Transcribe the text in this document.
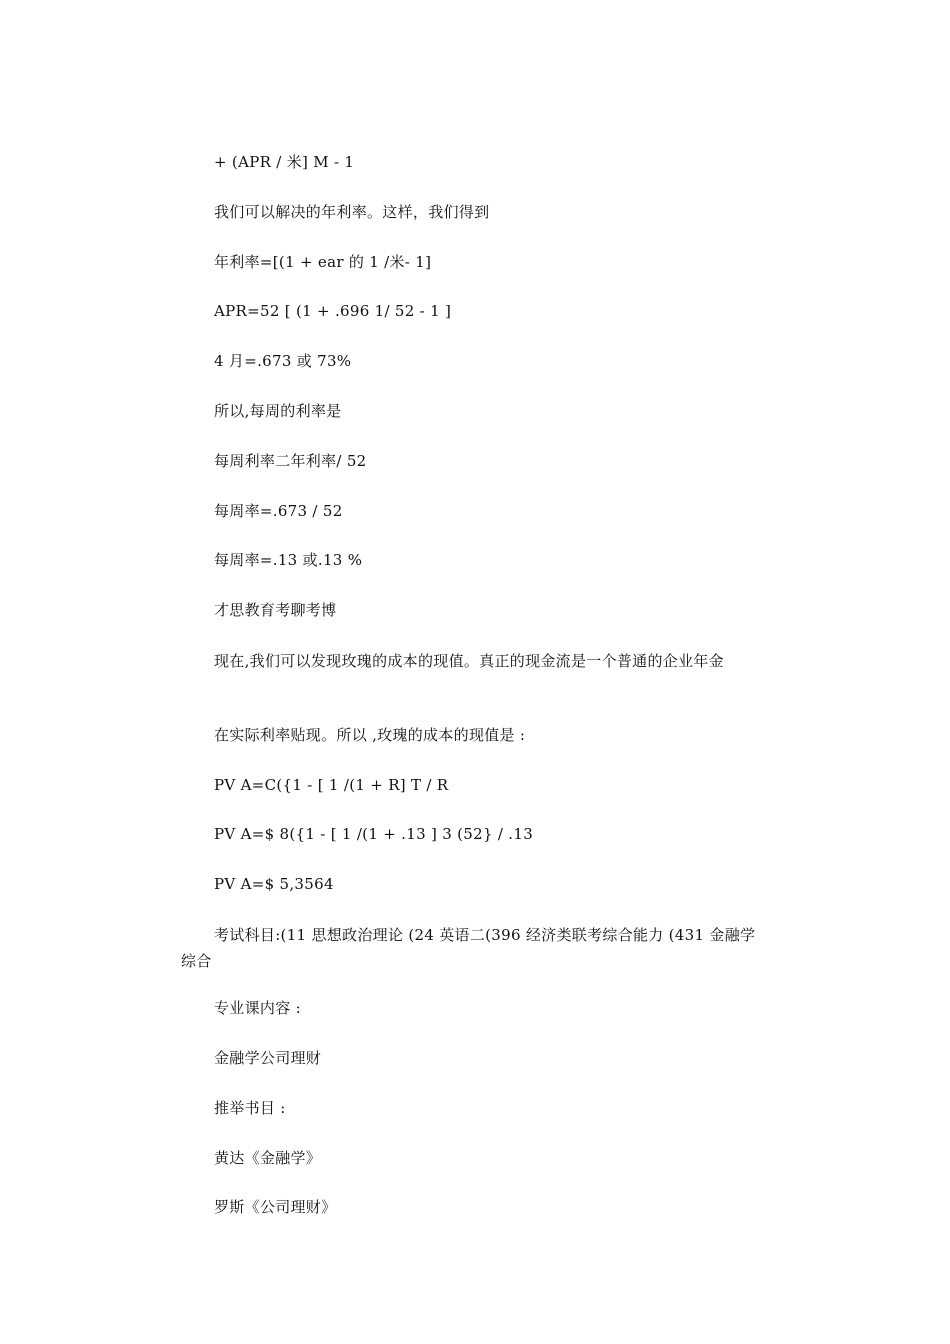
+ (APR / 米] M - 1
我们可以解决的年利率。这样，我们得到
年利率=[(1 + ear 的 1 /米- 1]
APR=52 [ (1 + .696 1/ 52 - 1 ]
4 月=.673 或 73%
所以,每周的利率是
每周利率二年利率/ 52
每周率=.673 / 52
每周率=.13 或.13 %
才思教育考聊考博
现在,我们可以发现玫瑰的成本的现值。真正的现金流是一个普通的企业年金
在实际利率贴现。所以 ,玫瑰的成本的现值是 :
PV A=C({1 - [ 1 /(1 + R] T / R
PV A=$ 8({1 - [ 1 /(1 + .13 ] 3 (52} / .13
PV A=$ 5,3564
考试科目:(11 思想政治理论 (24 英语二(396 经济类联考综合能力 (431 金融学 综合
专业课内容 :
金融学公司理财
推举书目 :
黄达《金融学》
罗斯《公司理财》
